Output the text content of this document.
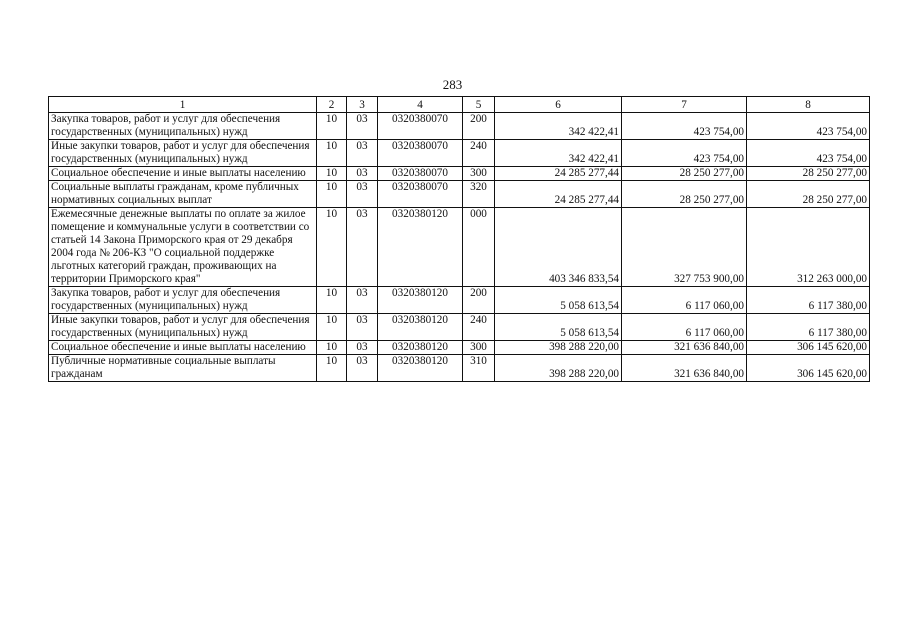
283
1	2	3	4	5	6	7	8
Закупка товаров, работ и услуг для обеспечения государственных (муниципальных) нужд	10	03	0320380070	200	342 422,41	423 754,00	423 754,00
Иные закупки товаров, работ и услуг для обеспечения государственных (муниципальных) нужд	10	03	0320380070	240	342 422,41	423 754,00	423 754,00
Социальное обеспечение и иные выплаты населению	10	03	0320380070	300	24 285 277,44	28 250 277,00	28 250 277,00
Социальные выплаты гражданам, кроме публичных нормативных социальных выплат	10	03	0320380070	320	24 285 277,44	28 250 277,00	28 250 277,00
Ежемесячные денежные выплаты по оплате за жилое помещение и коммунальные услуги в соответствии со статьей 14 Закона Приморского края от 29 декабря 2004 года № 206-КЗ "О социальной поддержке льготных категорий граждан, проживающих на территории Приморского края"	10	03	0320380120	000	403 346 833,54	327 753 900,00	312 263 000,00
Закупка товаров, работ и услуг для обеспечения государственных (муниципальных) нужд	10	03	0320380120	200	5 058 613,54	6 117 060,00	6 117 380,00
Иные закупки товаров, работ и услуг для обеспечения государственных (муниципальных) нужд	10	03	0320380120	240	5 058 613,54	6 117 060,00	6 117 380,00
Социальное обеспечение и иные выплаты населению	10	03	0320380120	300	398 288 220,00	321 636 840,00	306 145 620,00
Публичные нормативные социальные выплаты гражданам	10	03	0320380120	310	398 288 220,00	321 636 840,00	306 145 620,00
